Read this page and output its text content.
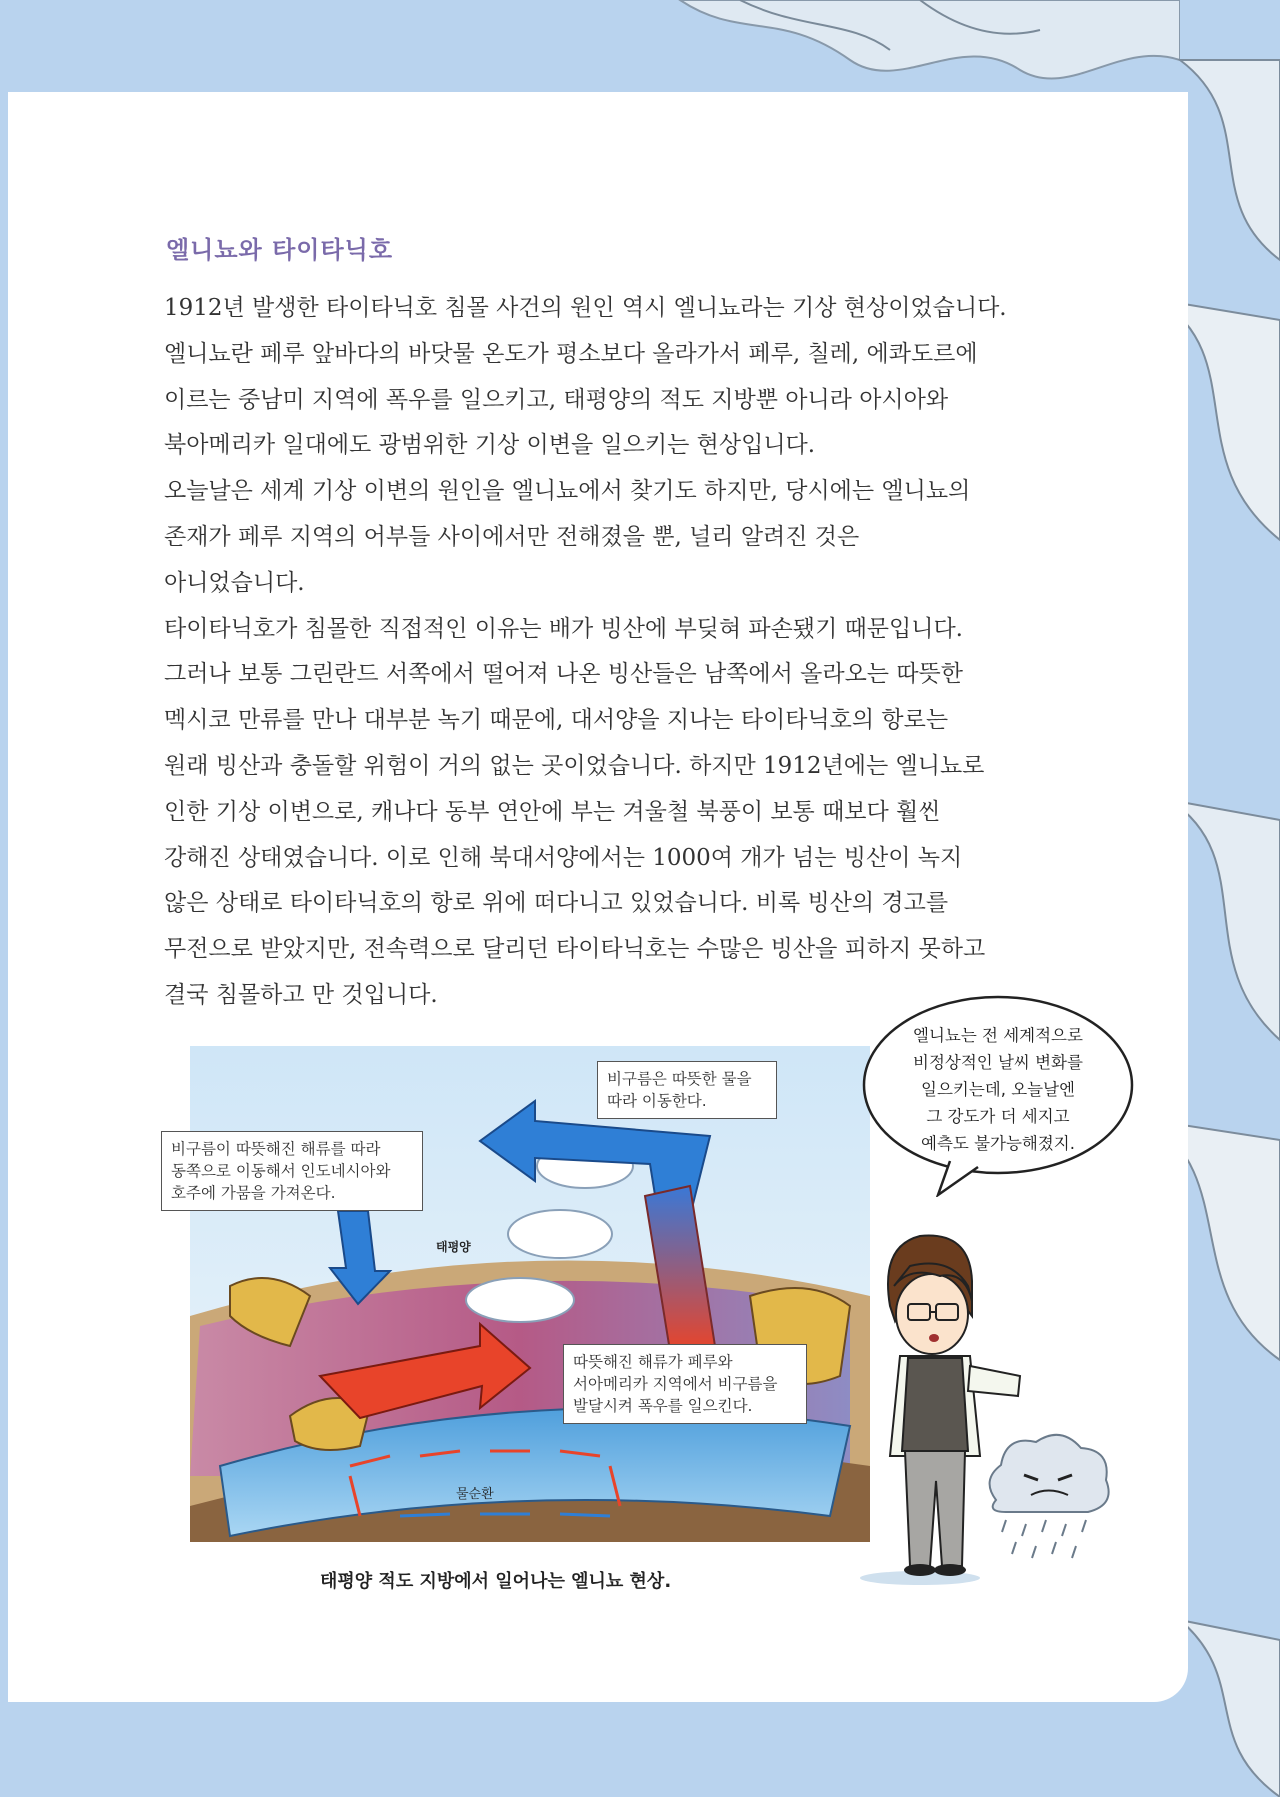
엘니뇨와 타이타닉호

1912년 발생한 타이타닉호 침몰 사건의 원인 역시 엘니뇨라는 기상 현상이었습니다.
엘니뇨란 페루 앞바다의 바닷물 온도가 평소보다 올라가서 페루, 칠레, 에콰도르에
이르는 중남미 지역에 폭우를 일으키고, 태평양의 적도 지방뿐 아니라 아시아와
북아메리카 일대에도 광범위한 기상 이변을 일으키는 현상입니다.

오늘날은 세계 기상 이변의 원인을 엘니뇨에서 찾기도 하지만, 당시에는 엘니뇨의
존재가 페루 지역의 어부들 사이에서만 전해졌을 뿐, 널리 알려진 것은
아니었습니다.

타이타닉호가 침몰한 직접적인 이유는 배가 빙산에 부딪혀 파손됐기 때문입니다.
그러나 보통 그린란드 서쪽에서 떨어져 나온 빙산들은 남쪽에서 올라오는 따뜻한
멕시코 만류를 만나 대부분 녹기 때문에, 대서양을 지나는 타이타닉호의 항로는
원래 빙산과 충돌할 위험이 거의 없는 곳이었습니다. 하지만 1912년에는 엘니뇨로
인한 기상 이변으로, 캐나다 동부 연안에 부는 겨울철 북풍이 보통 때보다 훨씬
강해진 상태였습니다. 이로 인해 북대서양에서는 1000여 개가 넘는 빙산이 녹지
않은 상태로 타이타닉호의 항로 위에 떠다니고 있었습니다. 비록 빙산의 경고를
무전으로 받았지만, 전속력으로 달리던 타이타닉호는 수많은 빙산을 피하지 못하고
결국 침몰하고 만 것입니다.

물순환
태평양
비구름이 따뜻해진 해류를 따라
동쪽으로 이동해서 인도네시아와
호주에 가뭄을 가져온다.
비구름은 따뜻한 물을
따라 이동한다.
따뜻해진 해류가 페루와
서아메리카 지역에서 비구름을
발달시켜 폭우를 일으킨다.

태평양 적도 지방에서 일어나는 엘니뇨 현상.

엘니뇨는 전 세계적으로
비정상적인 날씨 변화를
일으키는데, 오늘날엔
그 강도가 더 세지고
예측도 불가능해졌지.
